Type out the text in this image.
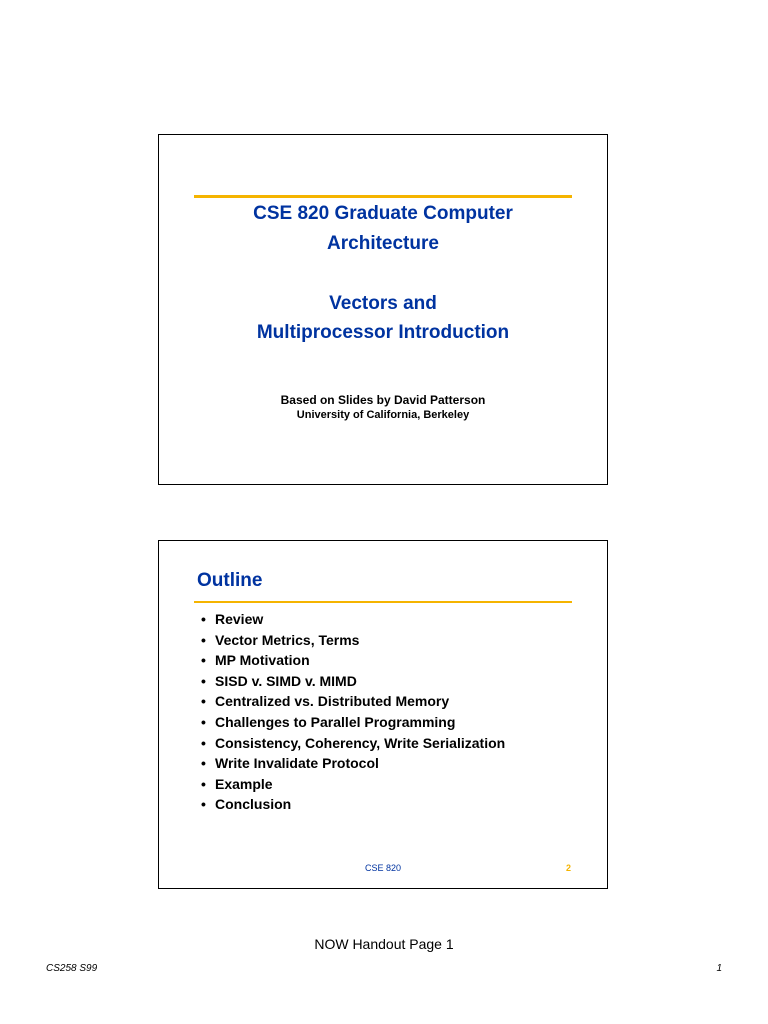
CSE 820 Graduate Computer
Architecture
Vectors and
Multiprocessor Introduction
Based on Slides by David Patterson
University of California, Berkeley
Outline
• Review
• Vector Metrics, Terms
• MP Motivation
• SISD v. SIMD v. MIMD
• Centralized vs. Distributed Memory
• Challenges to Parallel Programming
• Consistency, Coherency, Write Serialization
• Write Invalidate Protocol
• Example
• Conclusion
CSE 820	2
NOW Handout Page 1
CS258 S99	1
